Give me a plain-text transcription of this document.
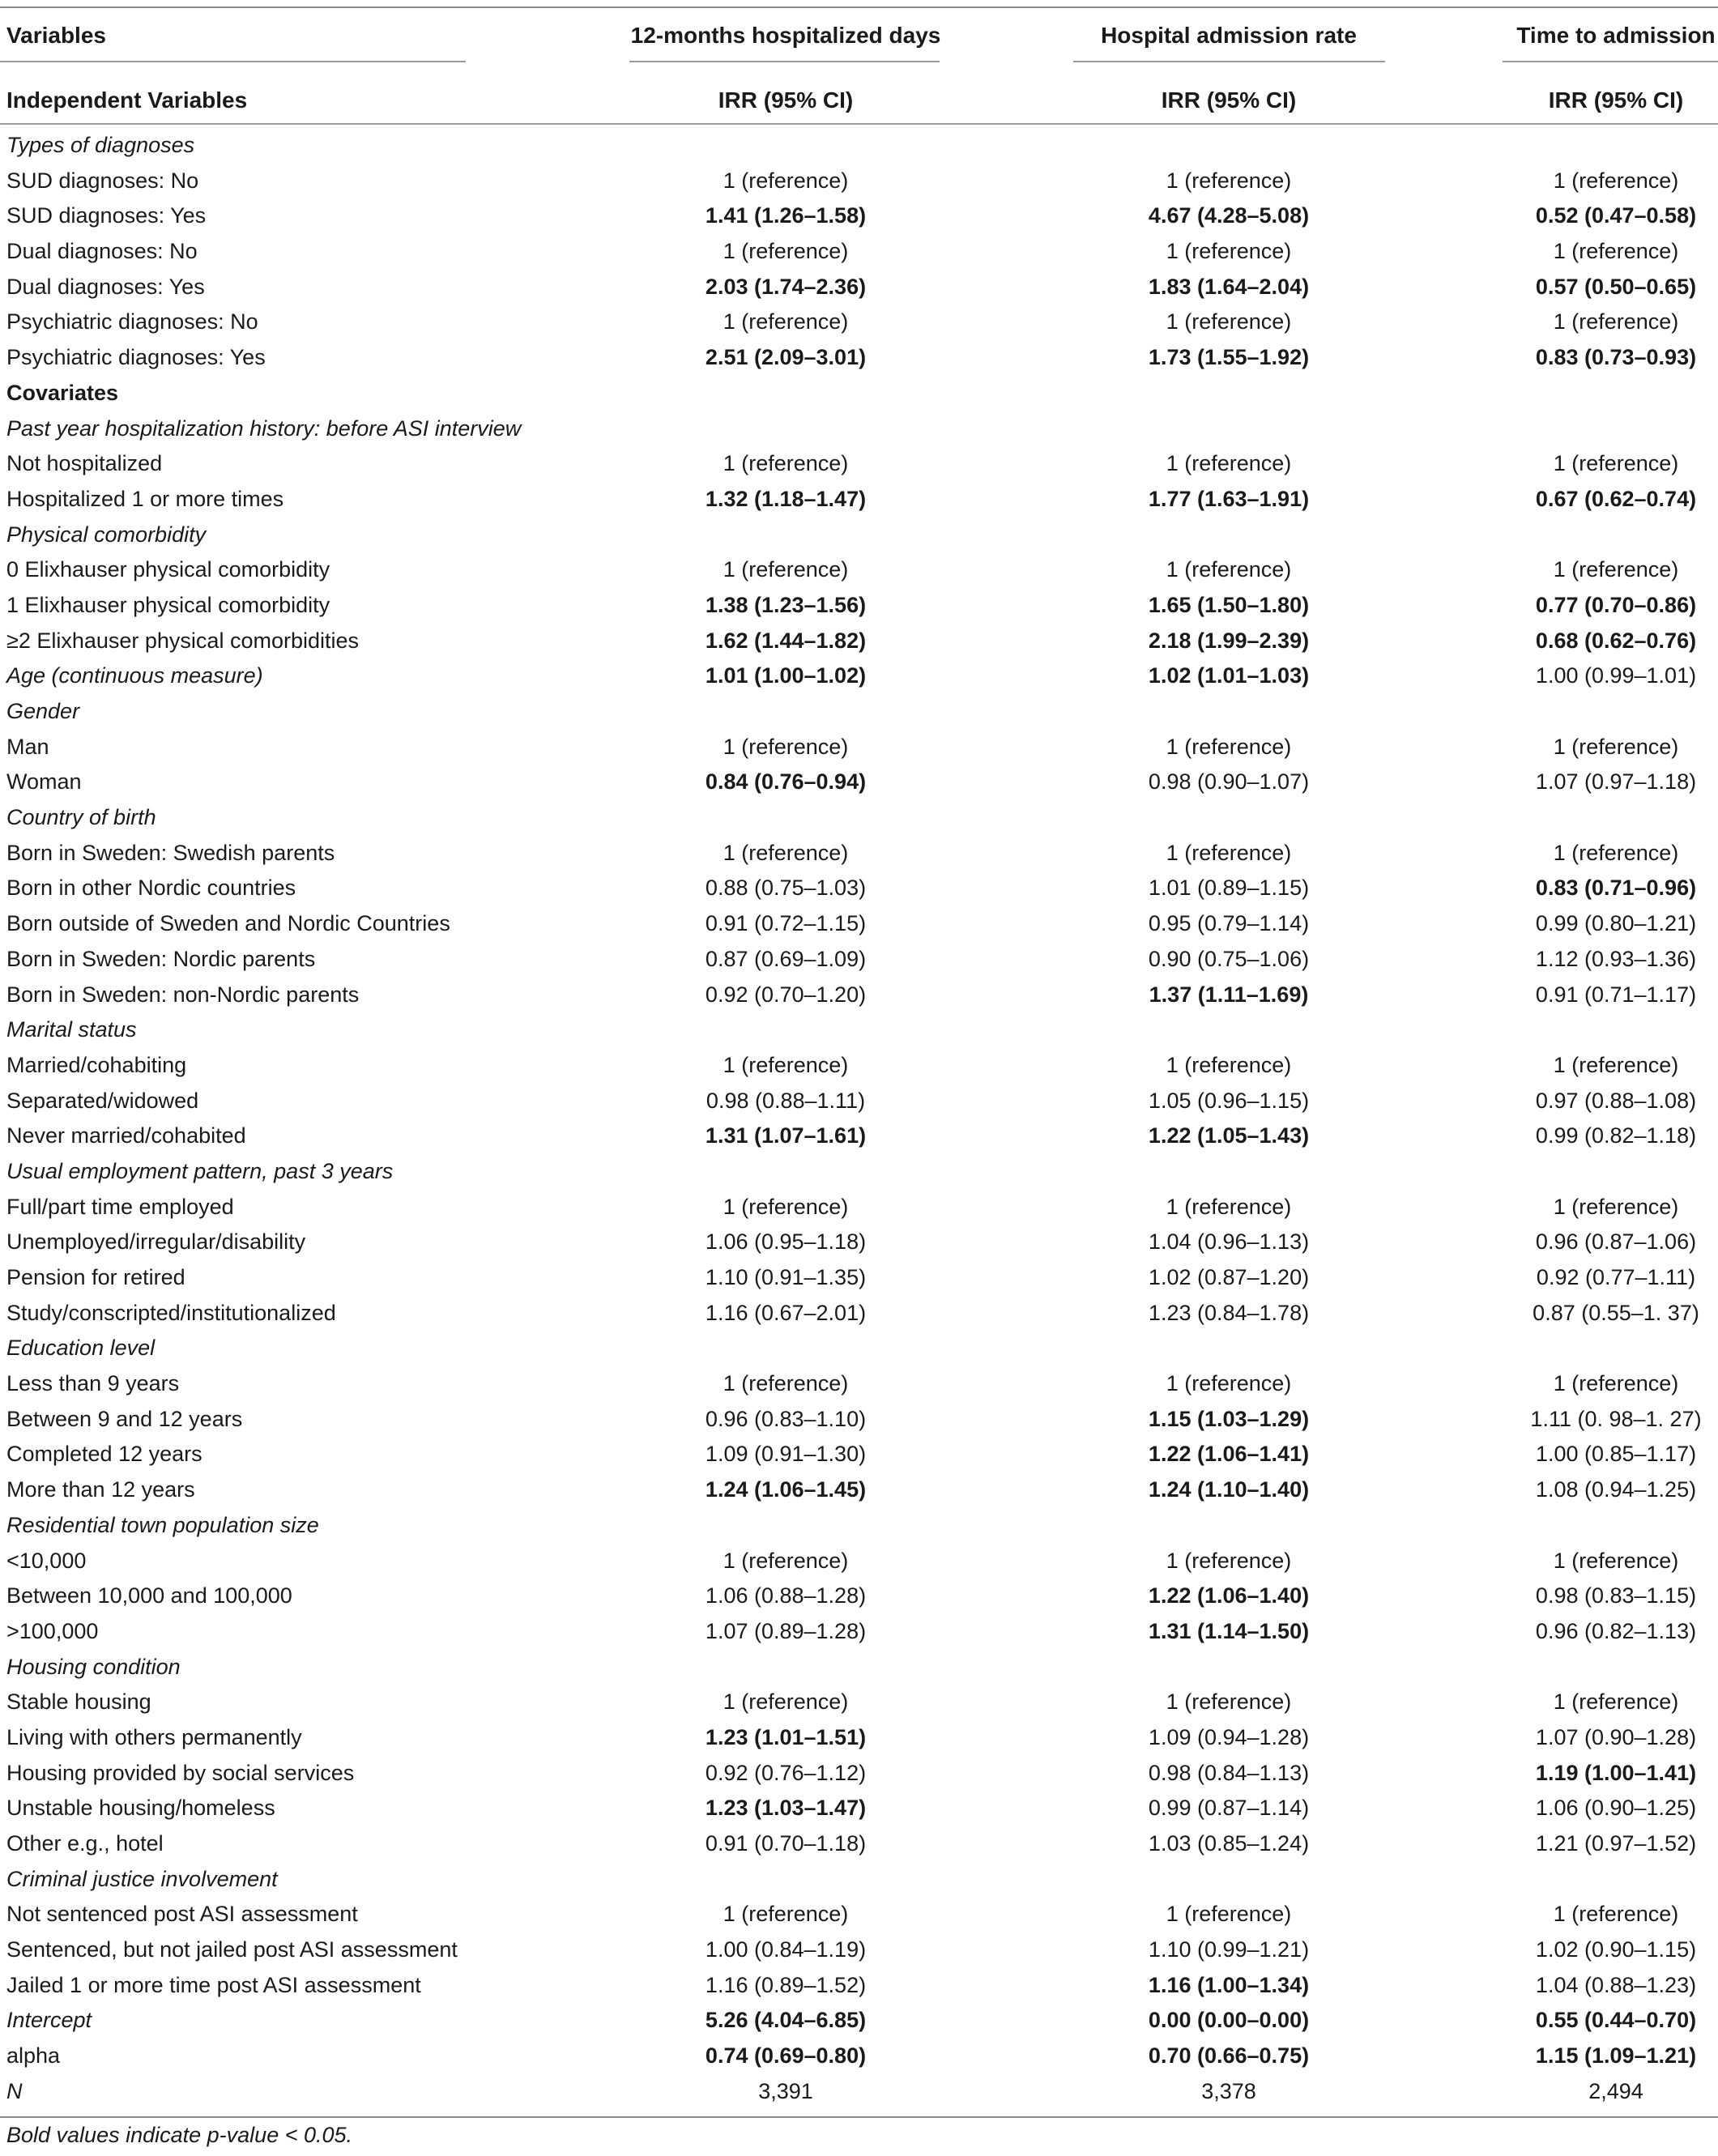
Variables	12-months hospitalized days	Hospital admission rate	Time to admission
Independent Variables	IRR (95% CI)	IRR (95% CI)	IRR (95% CI)
Types of diagnoses
SUD diagnoses: No	1 (reference)	1 (reference)	1 (reference)
SUD diagnoses: Yes	1.41 (1.26–1.58)	4.67 (4.28–5.08)	0.52 (0.47–0.58)
Dual diagnoses: No	1 (reference)	1 (reference)	1 (reference)
Dual diagnoses: Yes	2.03 (1.74–2.36)	1.83 (1.64–2.04)	0.57 (0.50–0.65)
Psychiatric diagnoses: No	1 (reference)	1 (reference)	1 (reference)
Psychiatric diagnoses: Yes	2.51 (2.09–3.01)	1.73 (1.55–1.92)	0.83 (0.73–0.93)
Covariates
Past year hospitalization history: before ASI interview
Not hospitalized	1 (reference)	1 (reference)	1 (reference)
Hospitalized 1 or more times	1.32 (1.18–1.47)	1.77 (1.63–1.91)	0.67 (0.62–0.74)
Physical comorbidity
0 Elixhauser physical comorbidity	1 (reference)	1 (reference)	1 (reference)
1 Elixhauser physical comorbidity	1.38 (1.23–1.56)	1.65 (1.50–1.80)	0.77 (0.70–0.86)
≥2 Elixhauser physical comorbidities	1.62 (1.44–1.82)	2.18 (1.99–2.39)	0.68 (0.62–0.76)
Age (continuous measure)	1.01 (1.00–1.02)	1.02 (1.01–1.03)	1.00 (0.99–1.01)
Gender
Man	1 (reference)	1 (reference)	1 (reference)
Woman	0.84 (0.76–0.94)	0.98 (0.90–1.07)	1.07 (0.97–1.18)
Country of birth
Born in Sweden: Swedish parents	1 (reference)	1 (reference)	1 (reference)
Born in other Nordic countries	0.88 (0.75–1.03)	1.01 (0.89–1.15)	0.83 (0.71–0.96)
Born outside of Sweden and Nordic Countries	0.91 (0.72–1.15)	0.95 (0.79–1.14)	0.99 (0.80–1.21)
Born in Sweden: Nordic parents	0.87 (0.69–1.09)	0.90 (0.75–1.06)	1.12 (0.93–1.36)
Born in Sweden: non-Nordic parents	0.92 (0.70–1.20)	1.37 (1.11–1.69)	0.91 (0.71–1.17)
Marital status
Married/cohabiting	1 (reference)	1 (reference)	1 (reference)
Separated/widowed	0.98 (0.88–1.11)	1.05 (0.96–1.15)	0.97 (0.88–1.08)
Never married/cohabited	1.31 (1.07–1.61)	1.22 (1.05–1.43)	0.99 (0.82–1.18)
Usual employment pattern, past 3 years
Full/part time employed	1 (reference)	1 (reference)	1 (reference)
Unemployed/irregular/disability	1.06 (0.95–1.18)	1.04 (0.96–1.13)	0.96 (0.87–1.06)
Pension for retired	1.10 (0.91–1.35)	1.02 (0.87–1.20)	0.92 (0.77–1.11)
Study/conscripted/institutionalized	1.16 (0.67–2.01)	1.23 (0.84–1.78)	0.87 (0.55–1. 37)
Education level
Less than 9 years	1 (reference)	1 (reference)	1 (reference)
Between 9 and 12 years	0.96 (0.83–1.10)	1.15 (1.03–1.29)	1.11 (0. 98–1. 27)
Completed 12 years	1.09 (0.91–1.30)	1.22 (1.06–1.41)	1.00 (0.85–1.17)
More than 12 years	1.24 (1.06–1.45)	1.24 (1.10–1.40)	1.08 (0.94–1.25)
Residential town population size
<10,000	1 (reference)	1 (reference)	1 (reference)
Between 10,000 and 100,000	1.06 (0.88–1.28)	1.22 (1.06–1.40)	0.98 (0.83–1.15)
>100,000	1.07 (0.89–1.28)	1.31 (1.14–1.50)	0.96 (0.82–1.13)
Housing condition
Stable housing	1 (reference)	1 (reference)	1 (reference)
Living with others permanently	1.23 (1.01–1.51)	1.09 (0.94–1.28)	1.07 (0.90–1.28)
Housing provided by social services	0.92 (0.76–1.12)	0.98 (0.84–1.13)	1.19 (1.00–1.41)
Unstable housing/homeless	1.23 (1.03–1.47)	0.99 (0.87–1.14)	1.06 (0.90–1.25)
Other e.g., hotel	0.91 (0.70–1.18)	1.03 (0.85–1.24)	1.21 (0.97–1.52)
Criminal justice involvement
Not sentenced post ASI assessment	1 (reference)	1 (reference)	1 (reference)
Sentenced, but not jailed post ASI assessment	1.00 (0.84–1.19)	1.10 (0.99–1.21)	1.02 (0.90–1.15)
Jailed 1 or more time post ASI assessment	1.16 (0.89–1.52)	1.16 (1.00–1.34)	1.04 (0.88–1.23)
Intercept	5.26 (4.04–6.85)	0.00 (0.00–0.00)	0.55 (0.44–0.70)
alpha	0.74 (0.69–0.80)	0.70 (0.66–0.75)	1.15 (1.09–1.21)
N	3,391	3,378	2,494
Bold values indicate p-value < 0.05.
